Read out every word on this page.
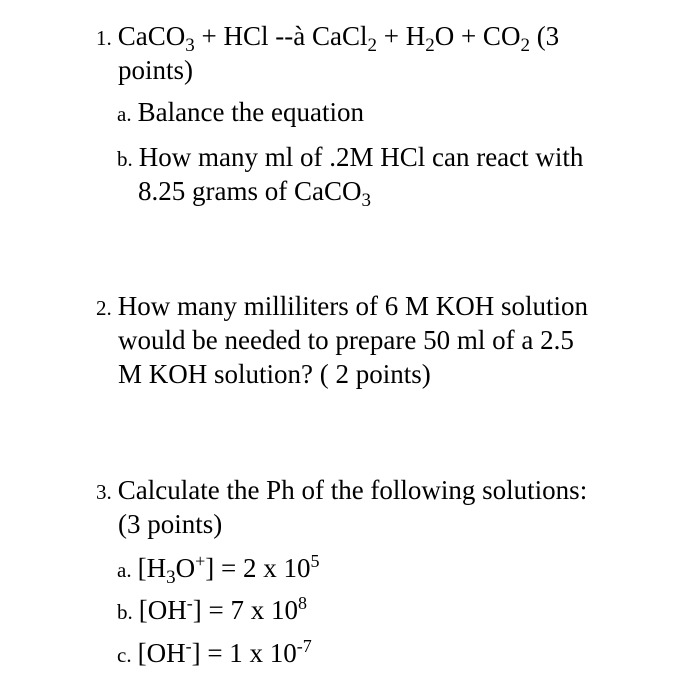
1. CaCO$_3$ + HCl --à CaCl$_2$ + $H_2O + CO_2$ (3
points)
a. Balance the equation
b. How many ml of .2M HCl can react with
8.25 grams of CaCO$_3$
2. How many milliliters of 6 M KOH solution
would be needed to prepare 50 ml of a 2.5
M KOH solution? ( 2 points)
3. Calculate the Ph of the following solutions:
(3 points)
a. $[H_3O^+] = 2$ x $10^5$
b. [OH-] = 7 x $10^8$
c. [OH-] = 1 x $10^{-7}$
